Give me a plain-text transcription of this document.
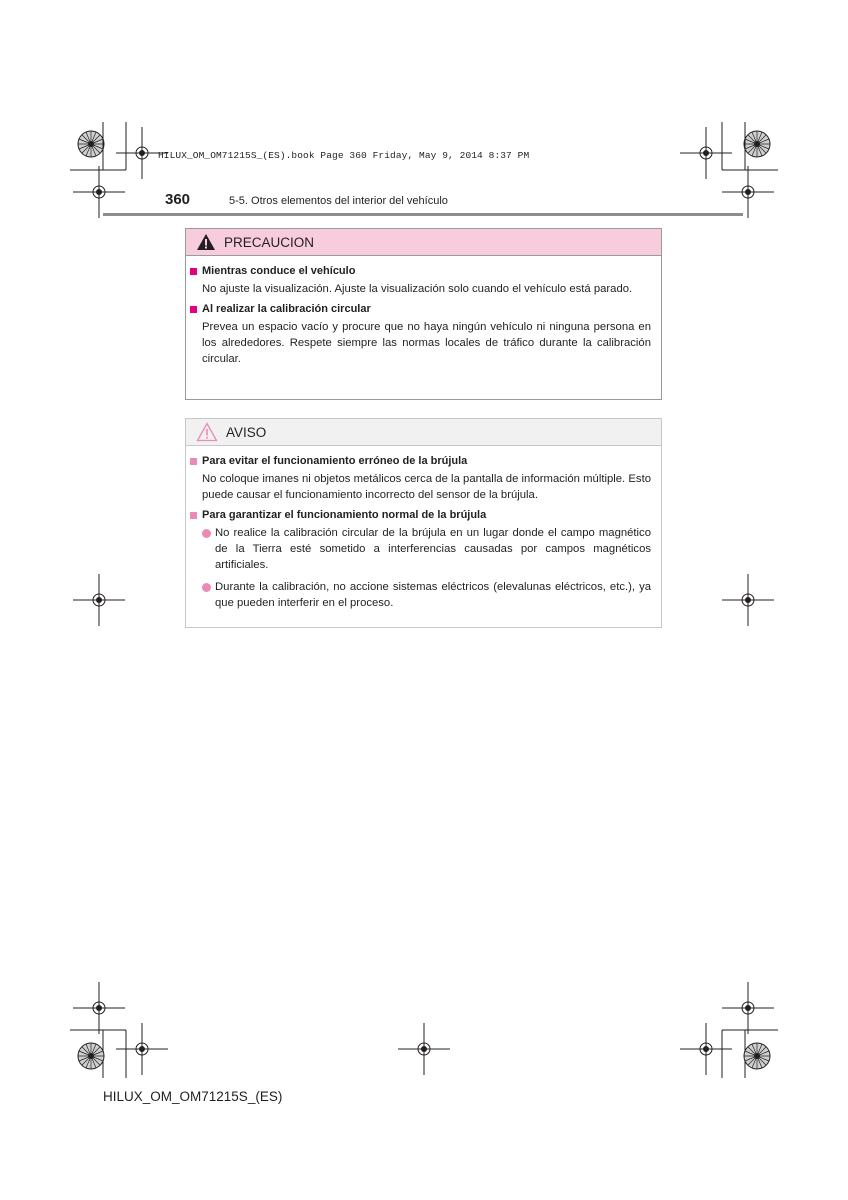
HILUX_OM_OM71215S_(ES).book Page 360 Friday, May 9, 2014 8:37 PM
360	5-5. Otros elementos del interior del vehículo
PRECAUCION
Mientras conduce el vehículo
No ajuste la visualización. Ajuste la visualización solo cuando el vehículo está parado.
Al realizar la calibración circular
Prevea un espacio vacío y procure que no haya ningún vehículo ni ninguna persona en los alrededores. Respete siempre las normas locales de tráfico durante la calibración circular.
AVISO
Para evitar el funcionamiento erróneo de la brújula
No coloque imanes ni objetos metálicos cerca de la pantalla de información múltiple. Esto puede causar el funcionamiento incorrecto del sensor de la brújula.
Para garantizar el funcionamiento normal de la brújula
No realice la calibración circular de la brújula en un lugar donde el campo magnético de la Tierra esté sometido a interferencias causadas por campos magnéticos artificiales.
Durante la calibración, no accione sistemas eléctricos (elevalunas eléctricos, etc.), ya que pueden interferir en el proceso.
HILUX_OM_OM71215S_(ES)
